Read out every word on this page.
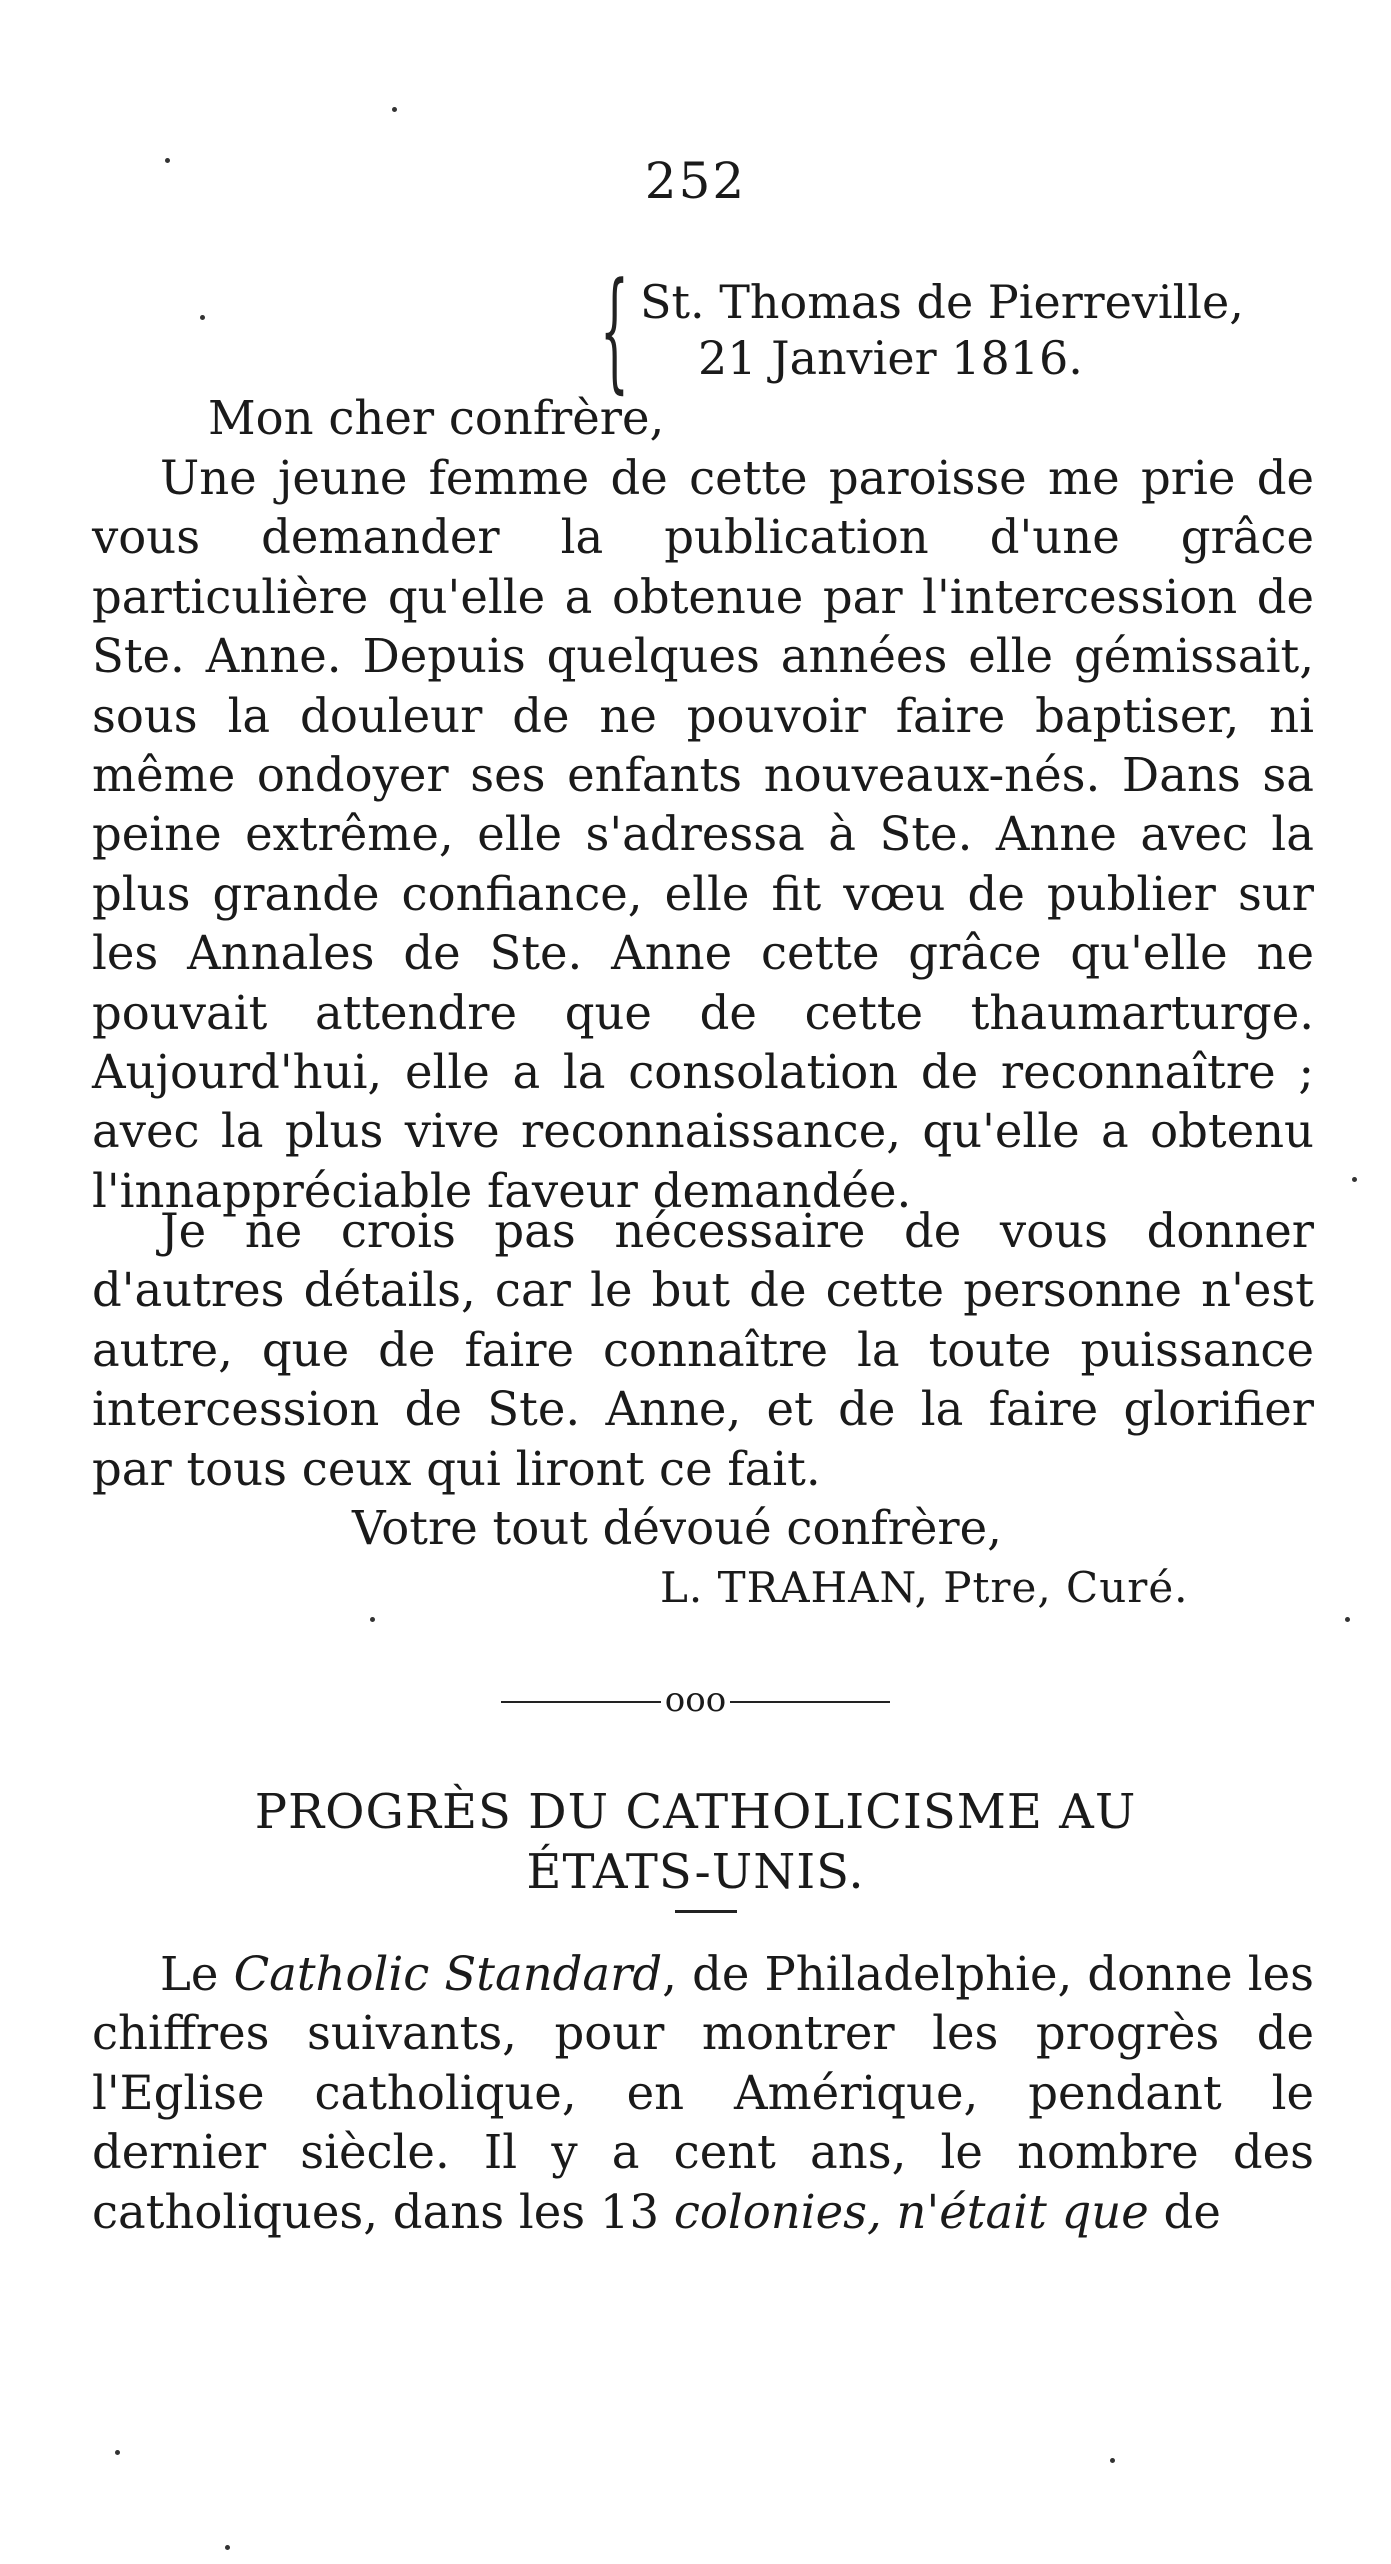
252
{ St. Thomas de Pierreville,
21 Janvier 1816.
Mon cher confrère,

Une jeune femme de cette paroisse me prie de vous demander la publication d'une grâce particulière qu'elle a obtenue par l'intercession de Ste. Anne. Depuis quelques années elle gémissait, sous la douleur de ne pouvoir faire baptiser, ni même ondoyer ses enfants nouveaux-nés. Dans sa peine extrême, elle s'adressa à Ste. Anne avec la plus grande confiance, elle fit vœu de publier sur les Annales de Ste. Anne cette grâce qu'elle ne pouvait attendre que de cette thaumarturge. Aujourd'hui, elle a la consolation de reconnaître ; avec la plus vive reconnaissance, qu'elle a obtenu l'innappréciable faveur demandée.

Je ne crois pas nécessaire de vous donner d'autres détails, car le but de cette personne n'est autre, que de faire connaître la toute puissance intercession de Ste. Anne, et de la faire glorifier par tous ceux qui liront ce fait.

Votre tout dévoué confrère,
L. TRAHAN, Ptre, Curé.
ooo
PROGRÈS DU CATHOLICISME AU
ÉTATS-UNIS.

Le Catholic Standard, de Philadelphie, donne les chiffres suivants, pour montrer les progrès de l'Eglise catholique, en Amérique, pendant le dernier siècle. Il y a cent ans, le nombre des catholiques, dans les 13 colonies, n'était que de
